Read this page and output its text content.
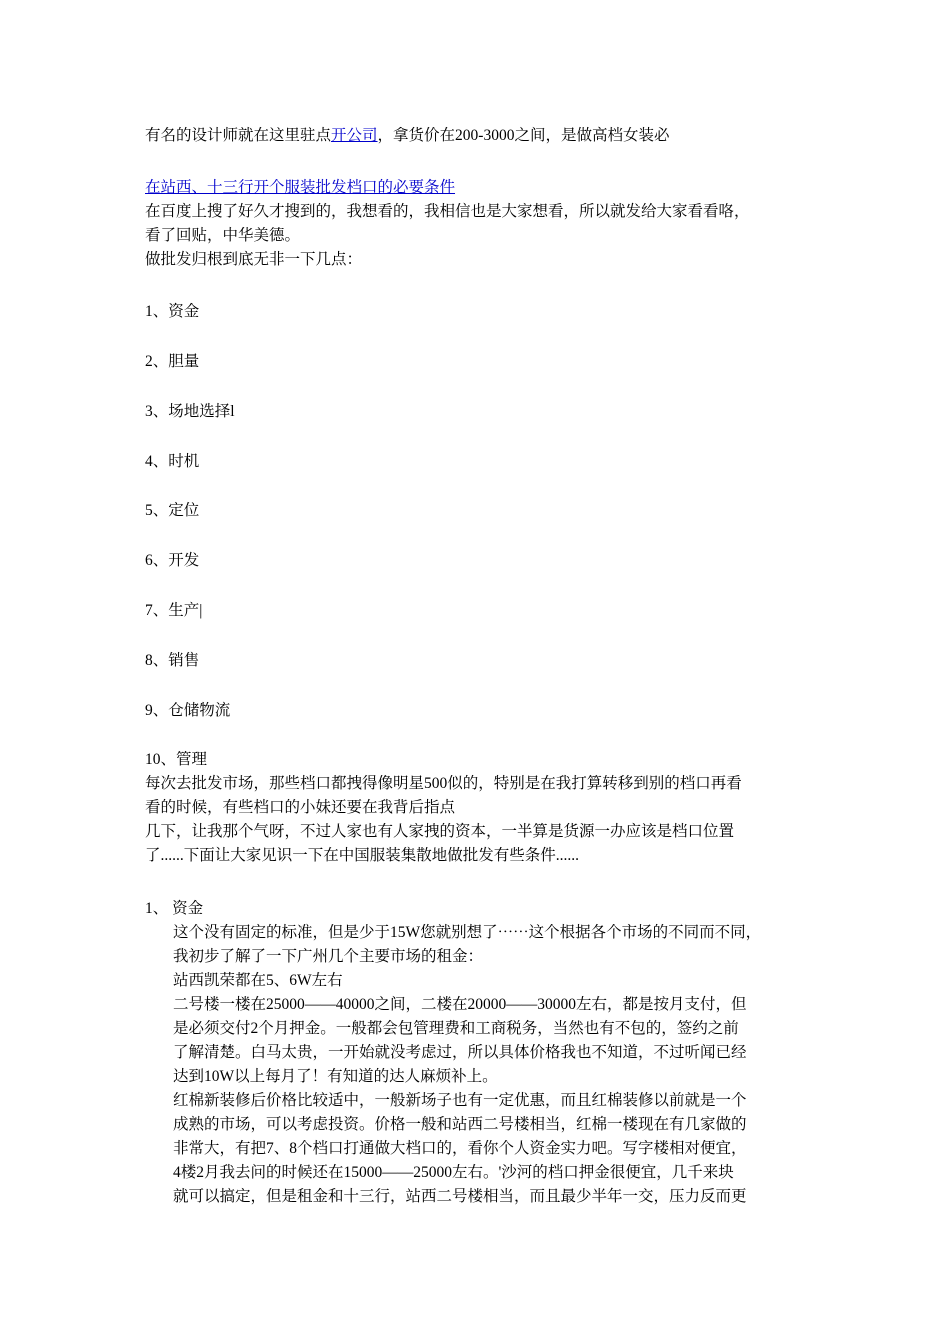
有名的设计师就在这里驻点开公司，拿货价在200-3000之间，是做高档女装必
在站西、十三行开个服装批发档口的必要条件
在百度上搜了好久才搜到的，我想看的，我相信也是大家想看，所以就发给大家看看咯，
看了回贴，中华美德。
做批发归根到底无非一下几点：
1、资金
2、胆量
3、场地选择l
4、时机
5、定位
6、开发
7、生产|
8、销售
9、仓储物流
10、管理
每次去批发市场，那些档口都拽得像明星500似的，特别是在我打算转移到别的档口再看
看的时候，有些档口的小妹还要在我背后指点
几下，让我那个气呀，不过人家也有人家拽的资本，一半算是货源一办应该是档口位置
了......下面让大家见识一下在中国服装集散地做批发有些条件......
1、 资金
这个没有固定的标准，但是少于15W您就别想了⋯⋯这个根据各个市场的不同而不同，
我初步了解了一下广州几个主要市场的租金：
站西凯荣都在5、6W左右
二号楼一楼在25000——40000之间，二楼在20000——30000左右，都是按月支付，但
是必须交付2个月押金。一般都会包管理费和工商税务，当然也有不包的，签约之前
了解清楚。白马太贵，一开始就没考虑过，所以具体价格我也不知道，不过听闻已经
达到10W以上每月了！有知道的达人麻烦补上。
红棉新装修后价格比较适中，一般新场子也有一定优惠，而且红棉装修以前就是一个
成熟的市场，可以考虑投资。价格一般和站西二号楼相当，红棉一楼现在有几家做的
非常大，有把7、8个档口打通做大档口的，看你个人资金实力吧。写字楼相对便宜，
4楼2月我去问的时候还在15000——25000左右。'沙河的档口押金很便宜，几千来块
就可以搞定，但是租金和十三行，站西二号楼相当，而且最少半年一交，压力反而更
